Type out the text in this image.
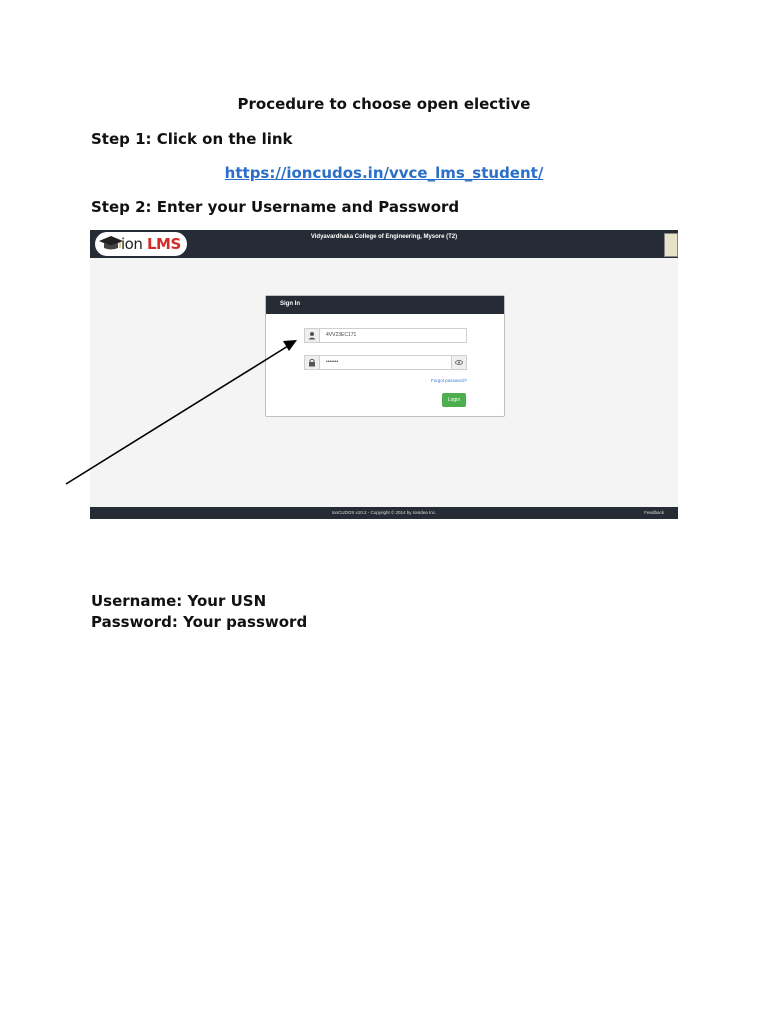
Procedure to choose open elective
Step 1: Click on the link
https://ioncudos.in/vvce_lms_student/
Step 2: Enter your Username and Password
ion LMS	Vidyavardhaka College of Engineering, Mysore (T2)
Sign In
4VV23EC171
•••••••
Forgot password?
Login
IonCUDOS v10.2 - Copyright © 2014 by IonIdea Inc.	Feedback
Username: Your USN
Password: Your password
